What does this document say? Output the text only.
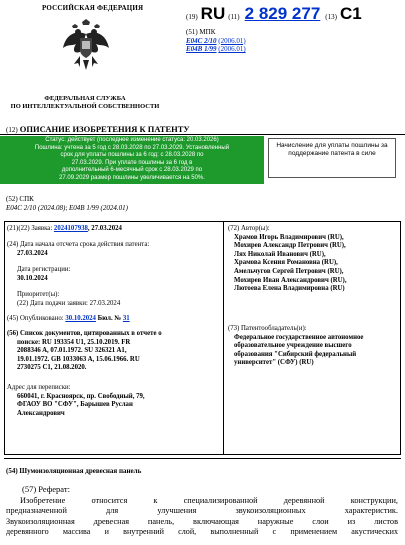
РОССИЙСКАЯ ФЕДЕРАЦИЯ
ФЕДЕРАЛЬНАЯ СЛУЖБА
ПО ИНТЕЛЛЕКТУАЛЬНОЙ СОБСТВЕННОСТИ
(19) RU (11) 2 829 277 (13) C1
(51) МПК
E04C 2/10 (2006.01)
E04B 1/99 (2006.01)
(12) ОПИСАНИЕ ИЗОБРЕТЕНИЯ К ПАТЕНТУ
Статус: действует (последнее изменение статуса: 20.03.2026)
Пошлина: учтена за 5 год с 28.03.2028 по 27.03.2029. Установленный
срок для уплаты пошлины за 6 год: с 28.03.2028 по
27.03.2029. При уплате пошлины за 6 год в
дополнительный 6-месячный срок с 28.03.2029 по
27.09.2029 размер пошлины увеличивается на 50%.
Начисление для уплаты пошлины за поддержание патента в силе
(52) СПК
E04C 2/10 (2024.08); E04B 1/99 (2024.01)
(21)(22) Заявка: 2024107938, 27.03.2024
(24) Дата начала отсчета срока действия патента:
27.03.2024
Дата регистрации:
30.10.2024
Приоритет(ы):
(22) Дата подачи заявки: 27.03.2024
(45) Опубликовано: 30.10.2024 Бюл. № 31
(56) Список документов, цитированных в отчете о
поиске: RU 193354 U1, 25.10.2019. FR
2088346 A, 07.01.1972. SU 326321 A1,
19.01.1972. GB 1033063 A, 15.06.1966. RU
2730275 C1, 21.08.2020.
Адрес для переписки:
660041, г. Красноярск, пр. Свободный, 79,
ФГАОУ ВО "СФУ", Барышев Руслан
Александрович
(72) Автор(ы):
Храмов Игорь Владимирович (RU),
Мохирев Александр Петрович (RU),
Лях Николай Иванович (RU),
Храмова Ксения Романовна (RU),
Амельчугов Сергей Петрович (RU),
Мохирев Иван Александрович (RU),
Лютоева Елена Владимировна (RU)
(73) Патентообладатель(и):
Федеральное государственное автономное
образовательное учреждение высшего
образования "Сибирский федеральный
университет" (СФУ) (RU)
(54) Шумоизоляционная древесная панель
(57) Реферат:
Изобретение относится к специализированной деревянной конструкции,
предназначенной для улучшения звукоизоляционных характеристик.
Звукоизоляционная древесная панель, включающая наружные слои из листов
деревянного массива и внутренний слой, выполненный с применением акустических
